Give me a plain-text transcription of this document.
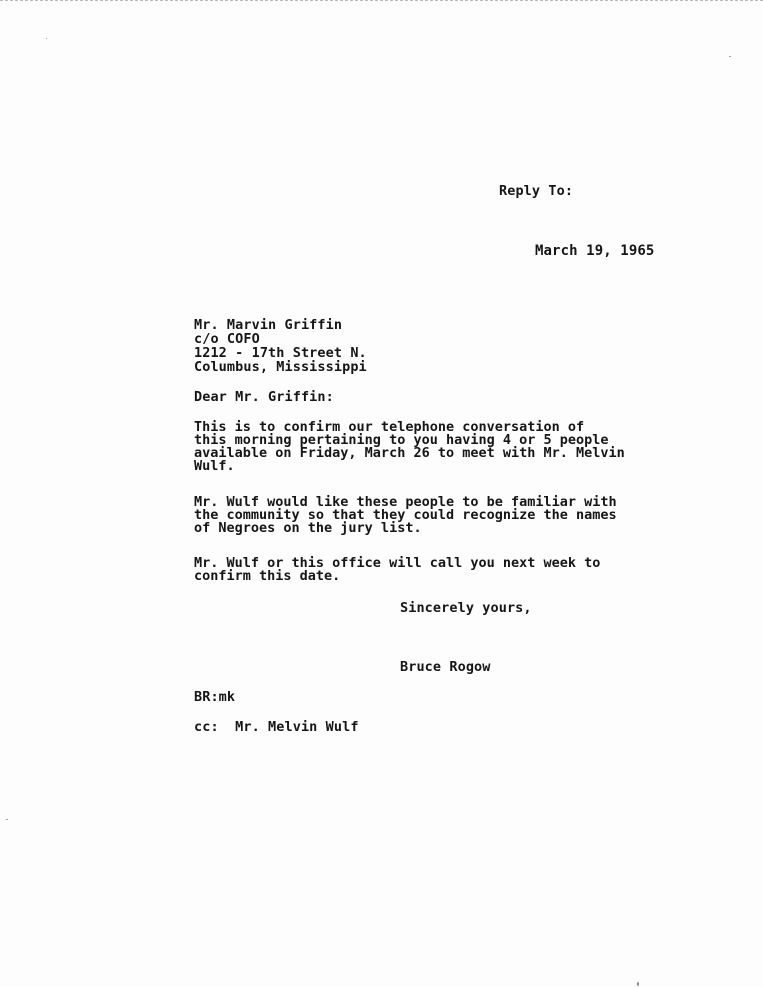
Reply To:
March 19, 1965
Mr. Marvin Griffin
c/o COFO
1212 - 17th Street N.
Columbus, Mississippi
Dear Mr. Griffin:
This is to confirm our telephone conversation of
this morning pertaining to you having 4 or 5 people
available on Friday, March 26 to meet with Mr. Melvin
Wulf.
Mr. Wulf would like these people to be familiar with
the community so that they could recognize the names
of Negroes on the jury list.
Mr. Wulf or this office will call you next week to
confirm this date.
Sincerely yours,
Bruce Rogow
BR:mk
cc:  Mr. Melvin Wulf
